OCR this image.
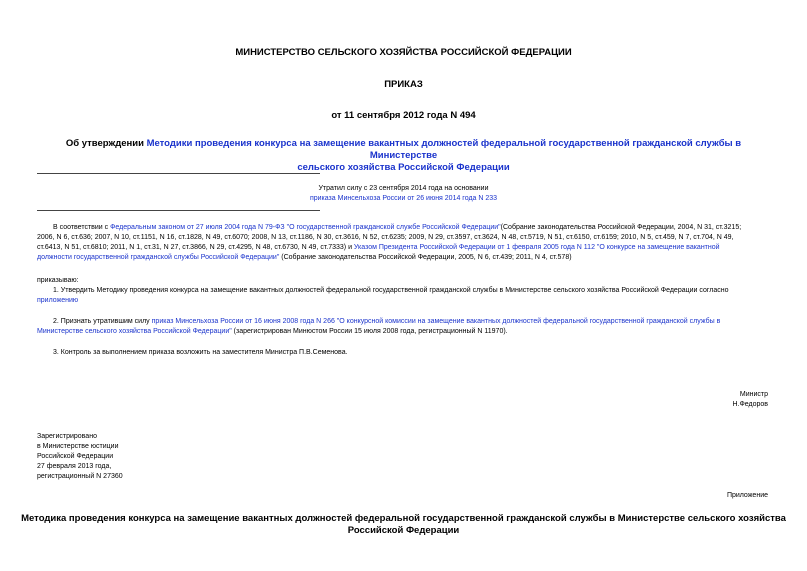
МИНИСТЕРСТВО СЕЛЬСКОГО ХОЗЯЙСТВА РОССИЙСКОЙ ФЕДЕРАЦИИ
ПРИКАЗ
от 11 сентября 2012 года N 494
Об утверждении Методики проведения конкурса на замещение вакантных должностей федеральной государственной гражданской службы в Министерстве
сельского хозяйства Российской Федерации
Утратил силу с 23 сентября 2014 года на основании
приказа Минсельхоза России от 26 июня 2014 года N 233
В соответствии с Федеральным законом от 27 июля 2004 года N 79-ФЗ "О государственной гражданской службе Российской Федерации"(Собрание законодательства Российской Федерации, 2004, N 31, ст.3215;
2006, N 6, ст.636; 2007, N 10, ст.1151, N 16, ст.1828, N 49, ст.6070; 2008, N 13, ст.1186, N 30, ст.3616, N 52, ст.6235; 2009, N 29, ст.3597, ст.3624, N 48, ст.5719, N 51, ст.6150, ст.6159; 2010, N 5, ст.459, N 7, ст.704, N 49,
ст.6413, N 51, ст.6810; 2011, N 1, ст.31, N 27, ст.3866, N 29, ст.4295, N 48, ст.6730, N 49, ст.7333) и Указом Президента Российской Федерации от 1 февраля 2005 года N 112 "О конкурсе на замещение вакантной
должности государственной гражданской службы Российской Федерации" (Собрание законодательства Российской Федерации, 2005, N 6, ст.439; 2011, N 4, ст.578)
приказываю:
1. Утвердить Методику проведения конкурса на замещение вакантных должностей федеральной государственной гражданской службы в Министерстве сельского хозяйства Российской Федерации согласно
приложению
2. Признать утратившим силу приказ Минсельхоза России от 16 июня 2008 года N 266 "О конкурсной комиссии на замещение вакантных должностей федеральной государственной гражданской службы в
Министерстве сельского хозяйства Российской Федерации" (зарегистрирован Минюстом России 15 июля 2008 года, регистрационный N 11970).
3. Контроль за выполнением приказа возложить на заместителя Министра П.В.Семенова.
Министр
Н.Федоров
Зарегистрировано
в Министерстве юстиции
Российской Федерации
27 февраля 2013 года,
регистрационный N 27360
Приложение
Методика проведения конкурса на замещение вакантных должностей федеральной государственной гражданской службы в Министерстве сельского хозяйства
Российской Федерации
